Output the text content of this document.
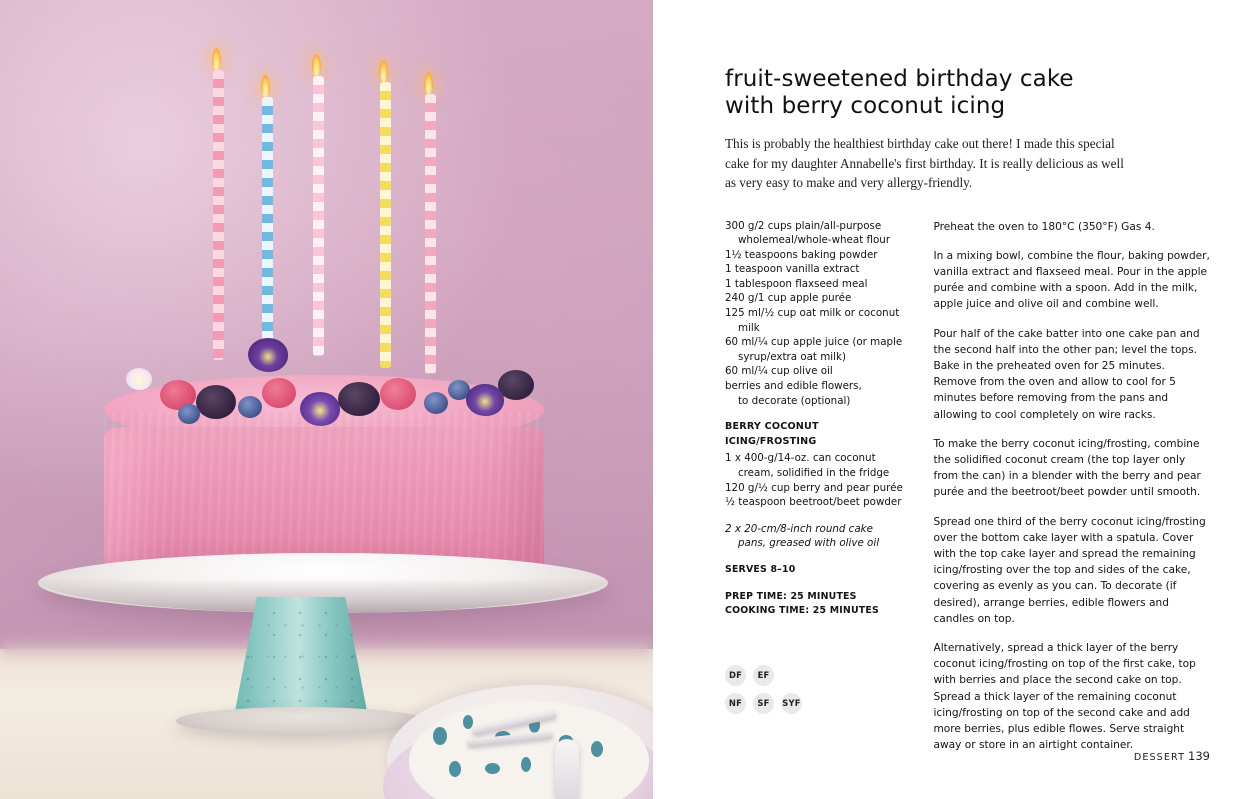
fruit-sweetened birthday cake
with berry coconut icing

This is probably the healthiest birthday cake out there! I made this special cake for my daughter Annabelle's first birthday. It is really delicious as well as very easy to make and very allergy-friendly.

300 g/2 cups plain/all-purpose
wholemeal/whole-wheat flour
1½ teaspoons baking powder
1 teaspoon vanilla extract
1 tablespoon flaxseed meal
240 g/1 cup apple purée
125 ml/½ cup oat milk or coconut
milk
60 ml/¼ cup apple juice (or maple
syrup/extra oat milk)
60 ml/¼ cup olive oil
berries and edible flowers,
to decorate (optional)
BERRY COCONUT ICING/FROSTING
1 x 400-g/14-oz. can coconut
cream, solidified in the fridge
120 g/½ cup berry and pear purée
½ teaspoon beetroot/beet powder
2 x 20-cm/8-inch round cake
pans, greased with olive oil
SERVES 8–10
PREP TIME: 25 MINUTES
COOKING TIME: 25 MINUTES
DF	EF
NF	SF	SYF

Preheat the oven to 180°C (350°F) Gas 4.

In a mixing bowl, combine the flour, baking powder, vanilla extract and flaxseed meal. Pour in the apple purée and combine with a spoon. Add in the milk, apple juice and olive oil and combine well.

Pour half of the cake batter into one cake pan and the second half into the other pan; level the tops. Bake in the preheated oven for 25 minutes. Remove from the oven and allow to cool for 5 minutes before removing from the pans and allowing to cool completely on wire racks.

To make the berry coconut icing/frosting, combine the solidified coconut cream (the top layer only from the can) in a blender with the berry and pear purée and the beetroot/beet powder until smooth.

Spread one third of the berry coconut icing/frosting over the bottom cake layer with a spatula. Cover with the top cake layer and spread the remaining icing/frosting over the top and sides of the cake, covering as evenly as you can. To decorate (if desired), arrange berries, edible flowers and candles on top.

Alternatively, spread a thick layer of the berry coconut icing/frosting on top of the first cake, top with berries and place the second cake on top. Spread a thick layer of the remaining coconut icing/frosting on top of the second cake and add more berries, plus edible flowes. Serve straight away or store in an airtight container.

DESSERT 139
